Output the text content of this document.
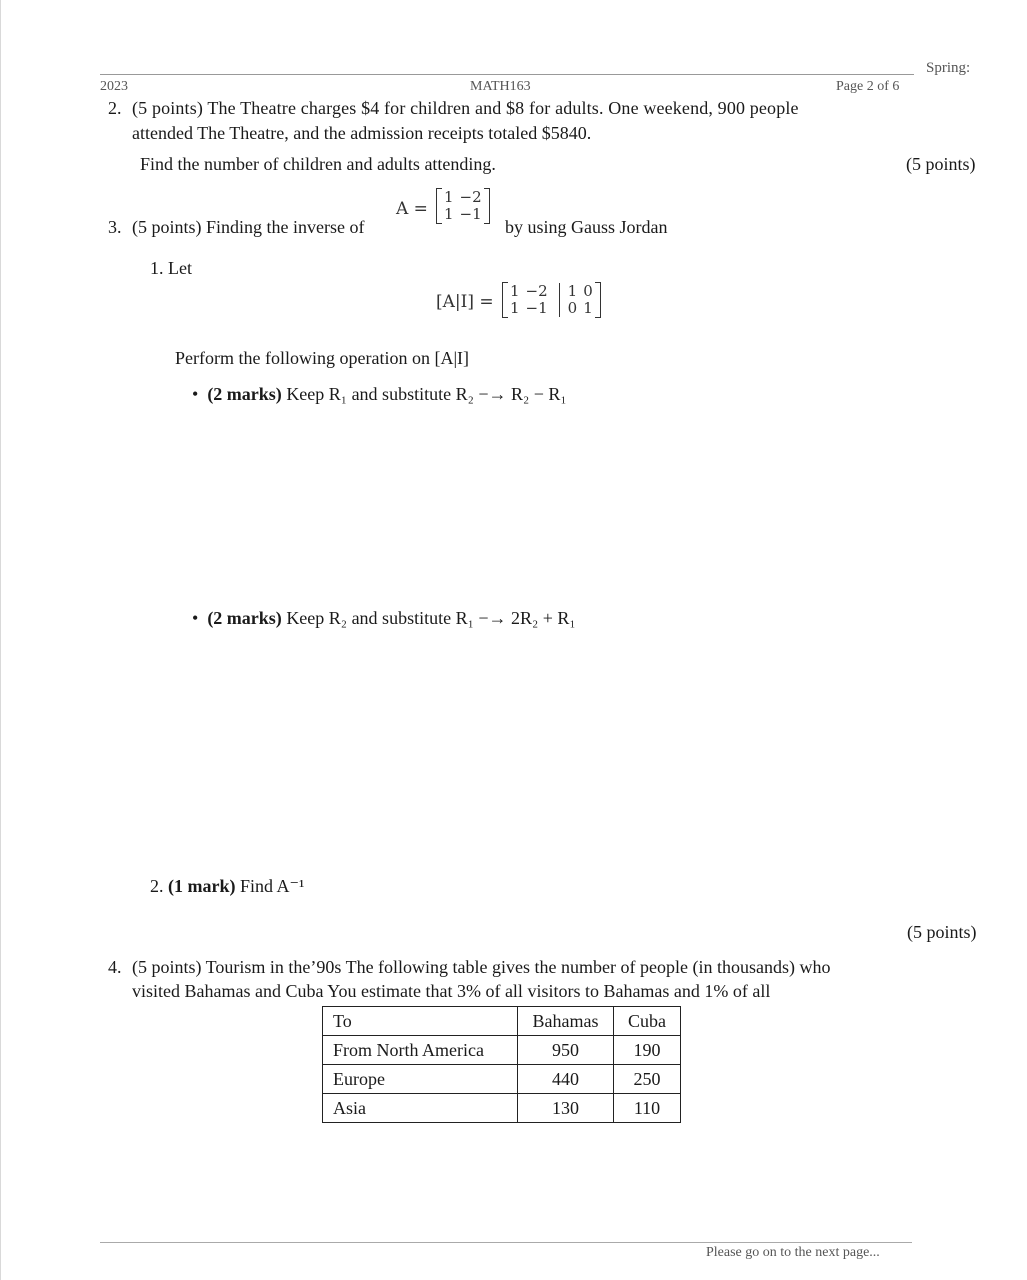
Spring:
2023	MATH163	Page 2 of 6
2. (5 points) The Theatre charges $4 for children and $8 for adults. One weekend, 900 people
attended The Theatre, and the admission receipts totaled $5840.
Find the number of children and adults attending.	(5 points)
3. (5 points) Finding the inverse of
A =
1 −2
1 −1
by using Gauss Jordan
1. Let
[A|I] =
1 −2 1 0
1 −1 0 1
Perform the following operation on [A|I]
•  (2 marks) Keep R₁ and substitute R₂ −→ R₂ − R₁
•  (2 marks) Keep R₂ and substitute R₁ −→ 2R₂ + R₁
2. (1 mark) Find A⁻¹
(5 points)
4. (5 points) Tourism in the’90s The following table gives the number of people (in thousands) who
visited Bahamas and Cuba You estimate that 3% of all visitors to Bahamas and 1% of all
To	Bahamas	Cuba
From North America	950	190
Europe	440	250
Asia	130	110
Please go on to the next page...
